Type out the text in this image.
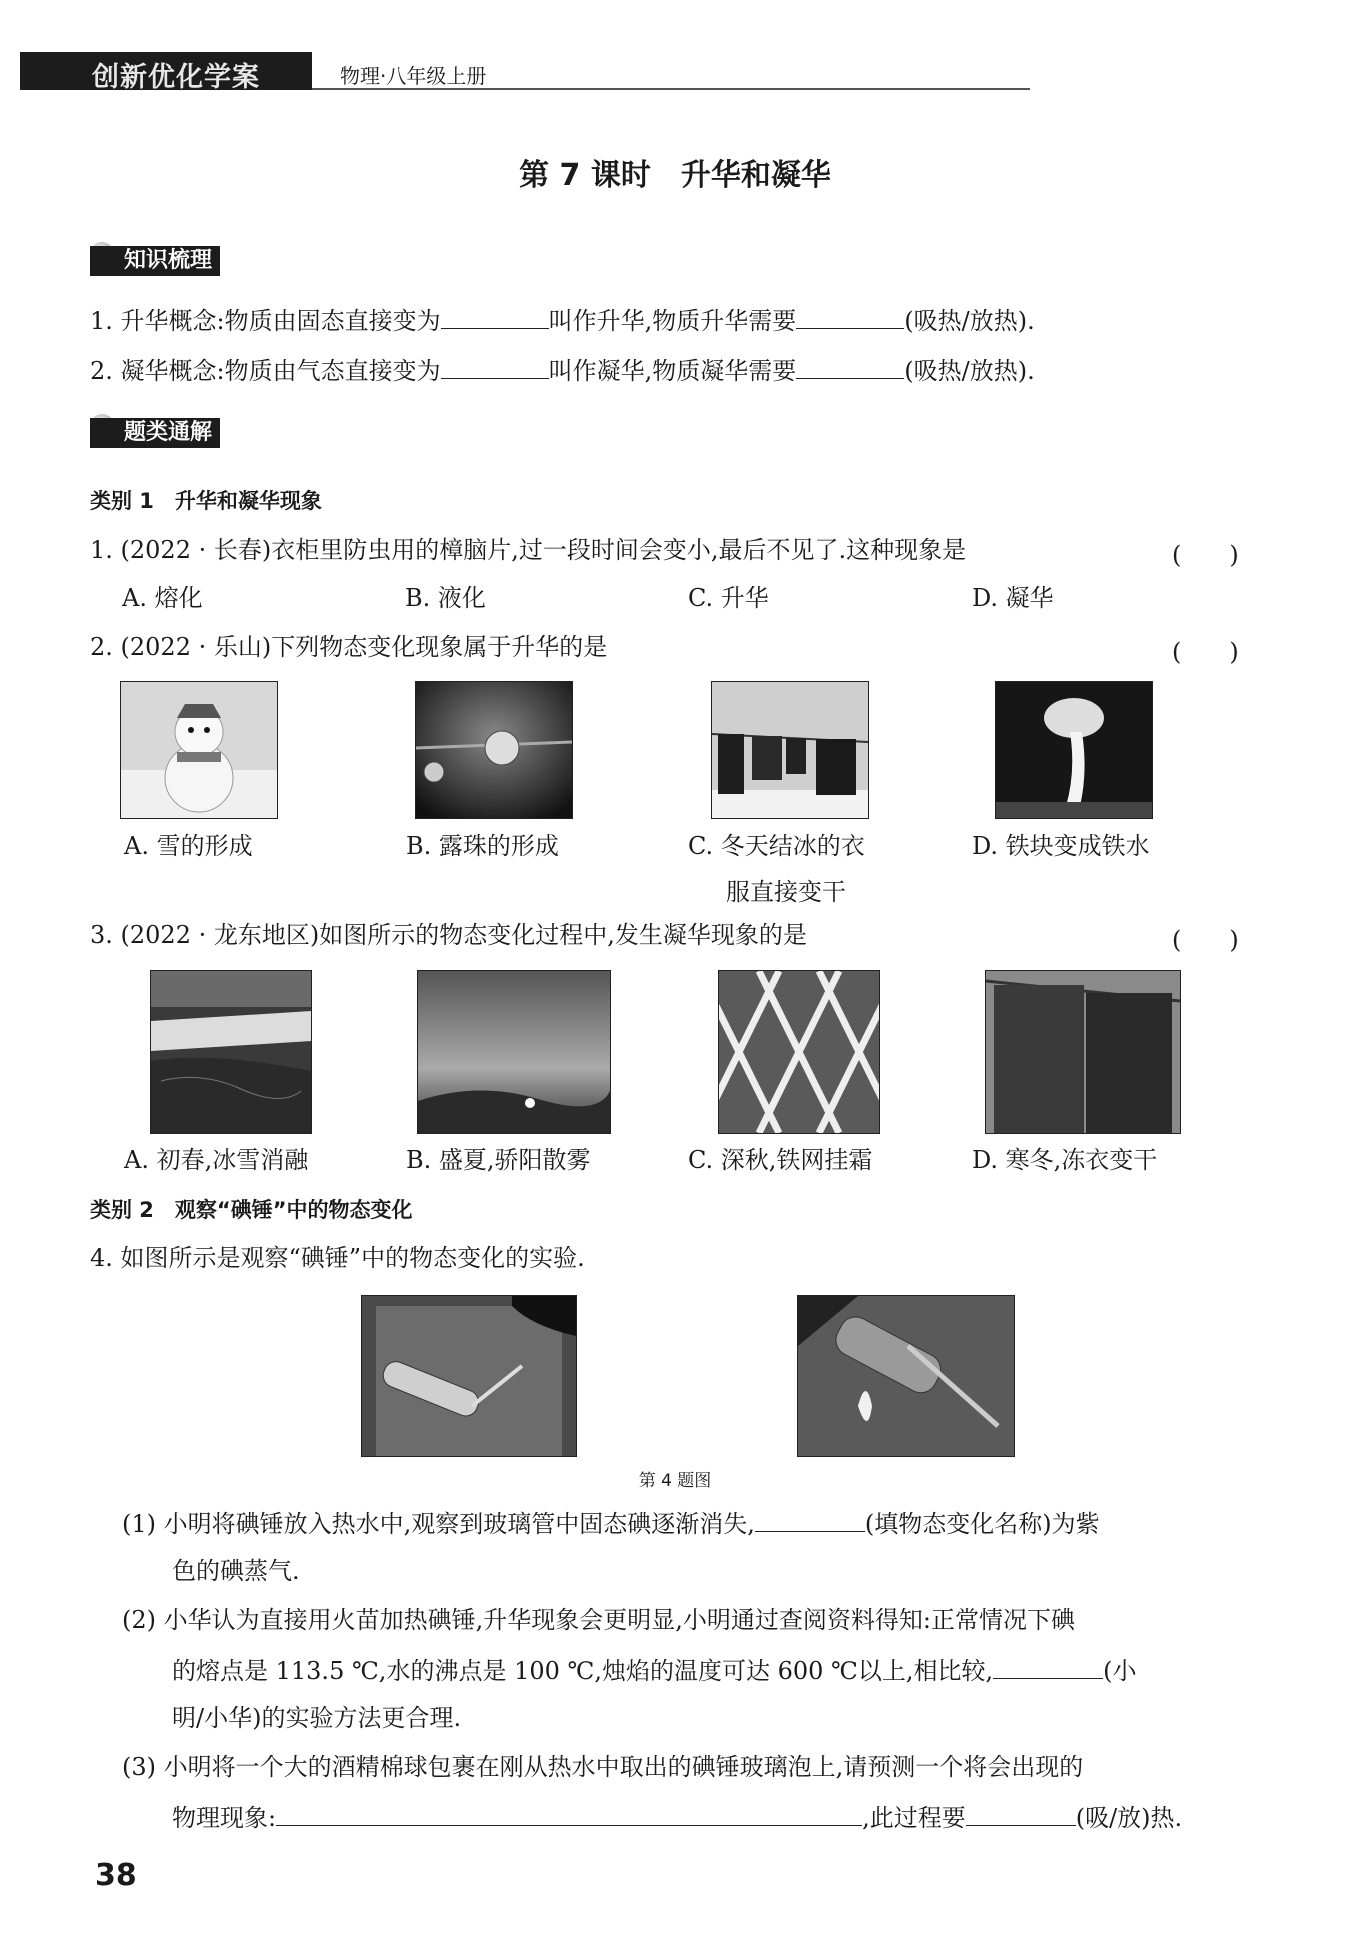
创新优化学案	物理·八年级上册
第 7 课时　升华和凝华
知识梳理
1. 升华概念:物质由固态直接变为	叫作升华,物质升华需要	(吸热/放热).
2. 凝华概念:物质由气态直接变为	叫作凝华,物质凝华需要	(吸热/放热).
题类通解
类别 1　升华和凝华现象
1. (2022 · 长春)衣柜里防虫用的樟脑片,过一段时间会变小,最后不见了.这种现象是	(　　)
A. 熔化	B. 液化	C. 升华	D. 凝华
2. (2022 · 乐山)下列物态变化现象属于升华的是	(　　)
A. 雪的形成	B. 露珠的形成	C. 冬天结冰的衣
服直接变干
D. 铁块变成铁水
3. (2022 · 龙东地区)如图所示的物态变化过程中,发生凝华现象的是	(　　)
A. 初春,冰雪消融	B. 盛夏,骄阳散雾	C. 深秋,铁网挂霜	D. 寒冬,冻衣变干
类别 2　观察“碘锤”中的物态变化
4. 如图所示是观察“碘锤”中的物态变化的实验.
第 4 题图
(1) 小明将碘锤放入热水中,观察到玻璃管中固态碘逐渐消失,	(填物态变化名称)为紫
色的碘蒸气.
(2) 小华认为直接用火苗加热碘锤,升华现象会更明显,小明通过查阅资料得知:正常情况下碘
的熔点是 113.5 ℃,水的沸点是 100 ℃,烛焰的温度可达 600 ℃以上,相比较,	(小
明/小华)的实验方法更合理.
(3) 小明将一个大的酒精棉球包裹在刚从热水中取出的碘锤玻璃泡上,请预测一个将会出现的
物理现象:	,此过程要	(吸/放)热.
38
